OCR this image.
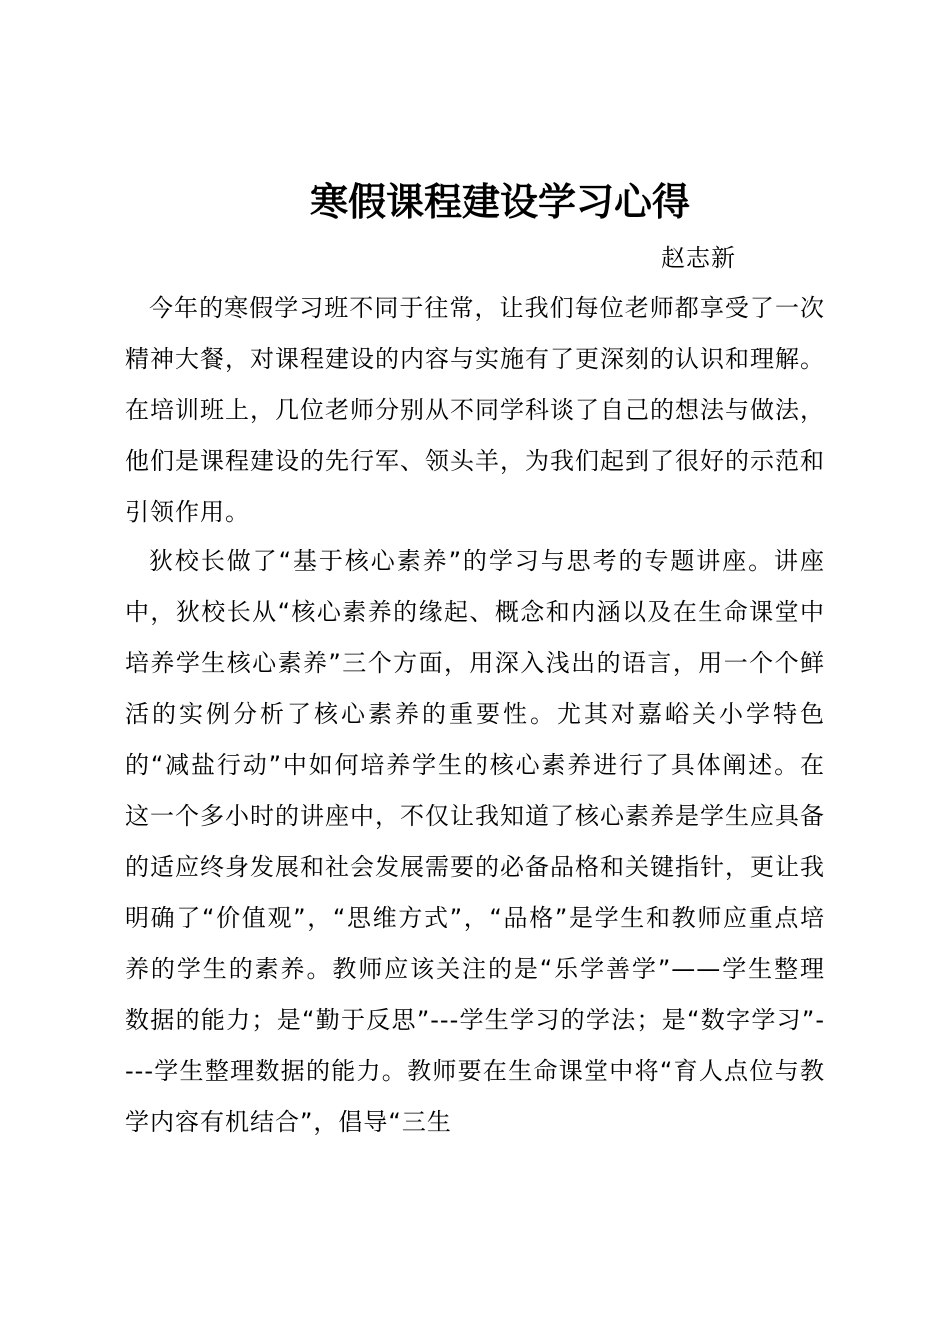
寒假课程建设学习心得

赵志新

今年的寒假学习班不同于往常，让我们每位老师都享受了一次精神大餐，对课程建设的内容与实施有了更深刻的认识和理解。在培训班上，几位老师分别从不同学科谈了自己的想法与做法，他们是课程建设的先行军、领头羊，为我们起到了很好的示范和引领作用。

狄校长做了“基于核心素养”的学习与思考的专题讲座。讲座中，狄校长从“核心素养的缘起、概念和内涵以及在生命课堂中培养学生核心素养”三个方面，用深入浅出的语言，用一个个鲜活的实例分析了核心素养的重要性。尤其对嘉峪关小学特色的“减盐行动”中如何培养学生的核心素养进行了具体阐述。在这一个多小时的讲座中，不仅让我知道了核心素养是学生应具备的适应终身发展和社会发展需要的必备品格和关键指针，更让我明确了“价值观”，“思维方式”，“品格”是学生和教师应重点培养的学生的素养。教师应该关注的是“乐学善学”——学生整理数据的能力；是“勤于反思”---学生学习的学法；是“数字学习”----学生整理数据的能力。教师要在生命课堂中将“育人点位与教学内容有机结合”，倡导“三生
